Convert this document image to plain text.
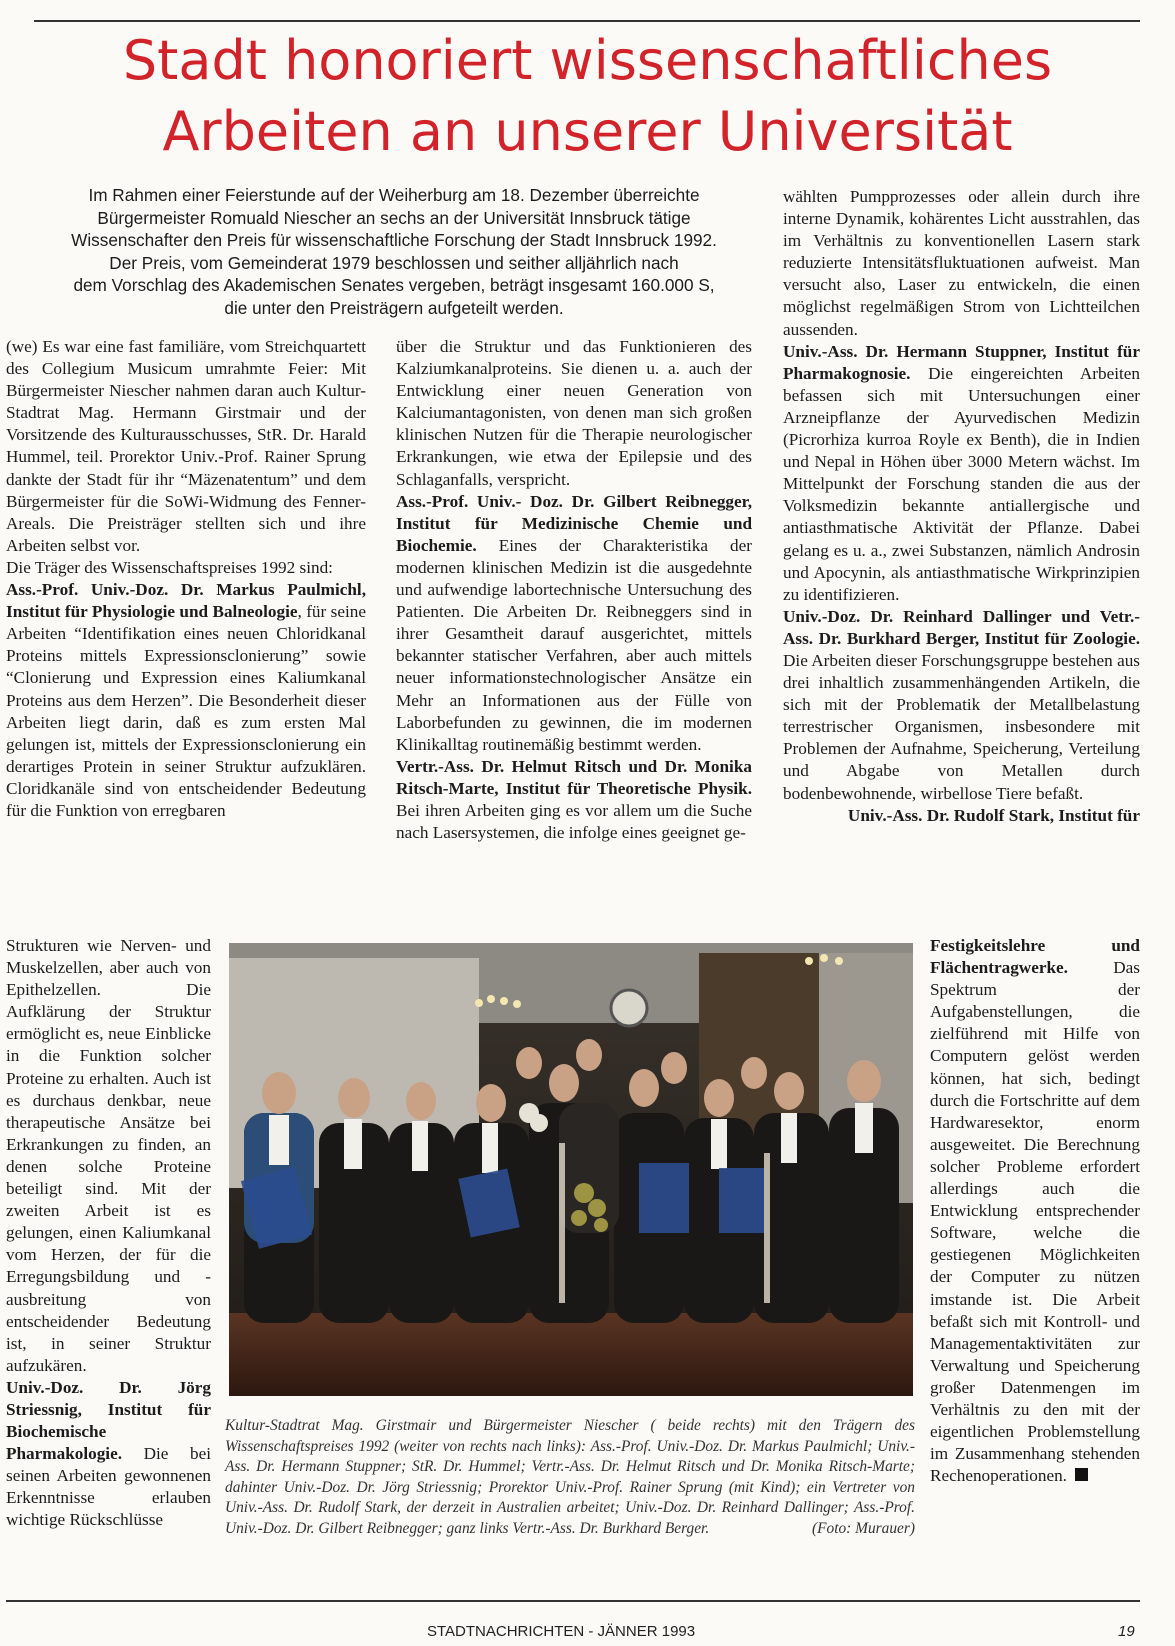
Stadt honoriert wissenschaftliches
Arbeiten an unserer Universität
Im Rahmen einer Feierstunde auf der Weiherburg am 18. Dezember überreichte
Bürgermeister Romuald Niescher an sechs an der Universität Innsbruck tätige
Wissenschafter den Preis für wissenschaftliche Forschung der Stadt Innsbruck 1992.
Der Preis, vom Gemeinderat 1979 beschlossen und seither alljährlich nach
dem Vorschlag des Akademischen Senates vergeben, beträgt insgesamt 160.000 S,
die unter den Preisträgern aufgeteilt werden.

(we) Es war eine fast familiäre, vom Streichquartett des Collegium Musicum umrahmte Feier: Mit Bürgermeister Niescher nahmen daran auch Kultur-Stadtrat Mag. Hermann Girstmair und der Vorsitzende des Kulturausschusses, StR. Dr. Harald Hummel, teil. Prorektor Univ.-Prof. Rainer Sprung dankte der Stadt für ihr “Mäzenatentum” und dem Bürgermeister für die SoWi-Widmung des Fenner-Areals. Die Preisträger stellten sich und ihre Arbeiten selbst vor.

Die Träger des Wissenschaftspreises 1992 sind:

Ass.-Prof. Univ.-Doz. Dr. Markus Paulmichl, Institut für Physiologie und Balneologie, für seine Arbeiten “Identifikation eines neuen Chloridkanal Proteins mittels Expressionsclonierung” sowie “Clonierung und Expression eines Kaliumkanal Proteins aus dem Herzen”. Die Besonderheit dieser Arbeiten liegt darin, daß es zum ersten Mal gelungen ist, mittels der Expressionsclonierung ein derartiges Protein in seiner Struktur aufzuklären. Cloridkanäle sind von entscheidender Bedeutung für die Funktion von erregbaren

Strukturen wie Nerven- und Muskelzellen, aber auch von Epithelzellen. Die Aufklärung der Struktur ermöglicht es, neue Einblicke in die Funktion solcher Proteine zu erhalten. Auch ist es durchaus denkbar, neue therapeutische Ansätze bei Erkrankungen zu finden, an denen solche Proteine beteiligt sind. Mit der zweiten Arbeit ist es gelungen, einen Kaliumkanal vom Herzen, der für die Erregungsbildung und -ausbreitung von entscheidender Bedeutung ist, in seiner Struktur aufzukären.

Univ.-Doz. Dr. Jörg Striessnig, Institut für Biochemische Pharmakologie. Die bei seinen Arbeiten gewonnenen Erkenntnisse erlauben wichtige Rückschlüsse

über die Struktur und das Funktionieren des Kalziumkanalproteins. Sie dienen u. a. auch der Entwicklung einer neuen Generation von Kalciumantagonisten, von denen man sich großen klinischen Nutzen für die Therapie neurologischer Erkrankungen, wie etwa der Epilepsie und des Schlaganfalls, verspricht.

Ass.-Prof. Univ.- Doz. Dr. Gilbert Reibnegger, Institut für Medizinische Chemie und Biochemie. Eines der Charakteristika der modernen klinischen Medizin ist die ausgedehnte und aufwendige labortechnische Untersuchung des Patienten. Die Arbeiten Dr. Reibneggers sind in ihrer Gesamtheit darauf ausgerichtet, mittels bekannter statischer Verfahren, aber auch mittels neuer informationstechnologischer Ansätze ein Mehr an Informationen aus der Fülle von Laborbefunden zu gewinnen, die im modernen Klinikalltag routinemäßig bestimmt werden.

Vertr.-Ass. Dr. Helmut Ritsch und Dr. Monika Ritsch-Marte, Institut für Theoretische Physik. Bei ihren Arbeiten ging es vor allem um die Suche nach Lasersystemen, die infolge eines geeignet ge-

wählten Pumpprozesses oder allein durch ihre interne Dynamik, kohärentes Licht ausstrahlen, das im Verhältnis zu konventionellen Lasern stark reduzierte Intensitätsfluktuationen aufweist. Man versucht also, Laser zu entwickeln, die einen möglichst regelmäßigen Strom von Lichtteilchen aussenden.

Univ.-Ass. Dr. Hermann Stuppner, Institut für Pharmakognosie. Die eingereichten Arbeiten befassen sich mit Untersuchungen einer Arzneipflanze der Ayurvedischen Medizin (Picrorhiza kurroa Royle ex Benth), die in Indien und Nepal in Höhen über 3000 Metern wächst. Im Mittelpunkt der Forschung standen die aus der Volksmedizin bekannte antiallergische und antiasthmatische Aktivität der Pflanze. Dabei gelang es u. a., zwei Substanzen, nämlich Androsin und Apocynin, als antiasthmatische Wirkprinzipien zu identifizieren.

Univ.-Doz. Dr. Reinhard Dallinger und Vetr.-Ass. Dr. Burkhard Berger, Institut für Zoologie. Die Arbeiten dieser Forschungsgruppe bestehen aus drei inhaltlich zusammenhängenden Artikeln, die sich mit der Problematik der Metallbelastung terrestrischer Organismen, insbesondere mit Problemen der Aufnahme, Speicherung, Verteilung und Abgabe von Metallen durch bodenbewohnende, wirbellose Tiere befaßt.

Univ.-Ass. Dr. Rudolf Stark, Institut für

Festigkeitslehre und Flächentragwerke. Das Spektrum der Aufgabenstellungen, die zielführend mit Hilfe von Computern gelöst werden können, hat sich, bedingt durch die Fortschritte auf dem Hardwaresektor, enorm ausgeweitet. Die Berechnung solcher Probleme erfordert allerdings auch die Entwicklung entsprechender Software, welche die gestiegenen Möglichkeiten der Computer zu nützen imstande ist. Die Arbeit befaßt sich mit Kontroll- und Managementaktivitäten zur Verwaltung und Speicherung großer Datenmengen im Verhältnis zu den mit der eigentlichen Problemstellung im Zusammenhang stehenden Rechenoperationen.

Kultur-Stadtrat Mag. Girstmair und Bürgermeister Niescher ( beide rechts) mit den Trägern des Wissenschaftspreises 1992 (weiter von rechts nach links): Ass.-Prof. Univ.-Doz. Dr. Markus Paulmichl; Univ.-Ass. Dr. Hermann Stuppner; StR. Dr. Hummel; Vertr.-Ass. Dr. Helmut Ritsch und Dr. Monika Ritsch-Marte; dahinter Univ.-Doz. Dr. Jörg Striessnig; Prorektor Univ.-Prof. Rainer Sprung (mit Kind); ein Vertreter von Univ.-Ass. Dr. Rudolf Stark, der derzeit in Australien arbeitet; Univ.-Doz. Dr. Reinhard Dallinger; Ass.-Prof. Univ.-Doz. Dr. Gilbert Reibnegger; ganz links Vertr.-Ass. Dr. Burkhard Berger.	(Foto: Murauer)
STADTNACHRICHTEN - JÄNNER 1993	19
